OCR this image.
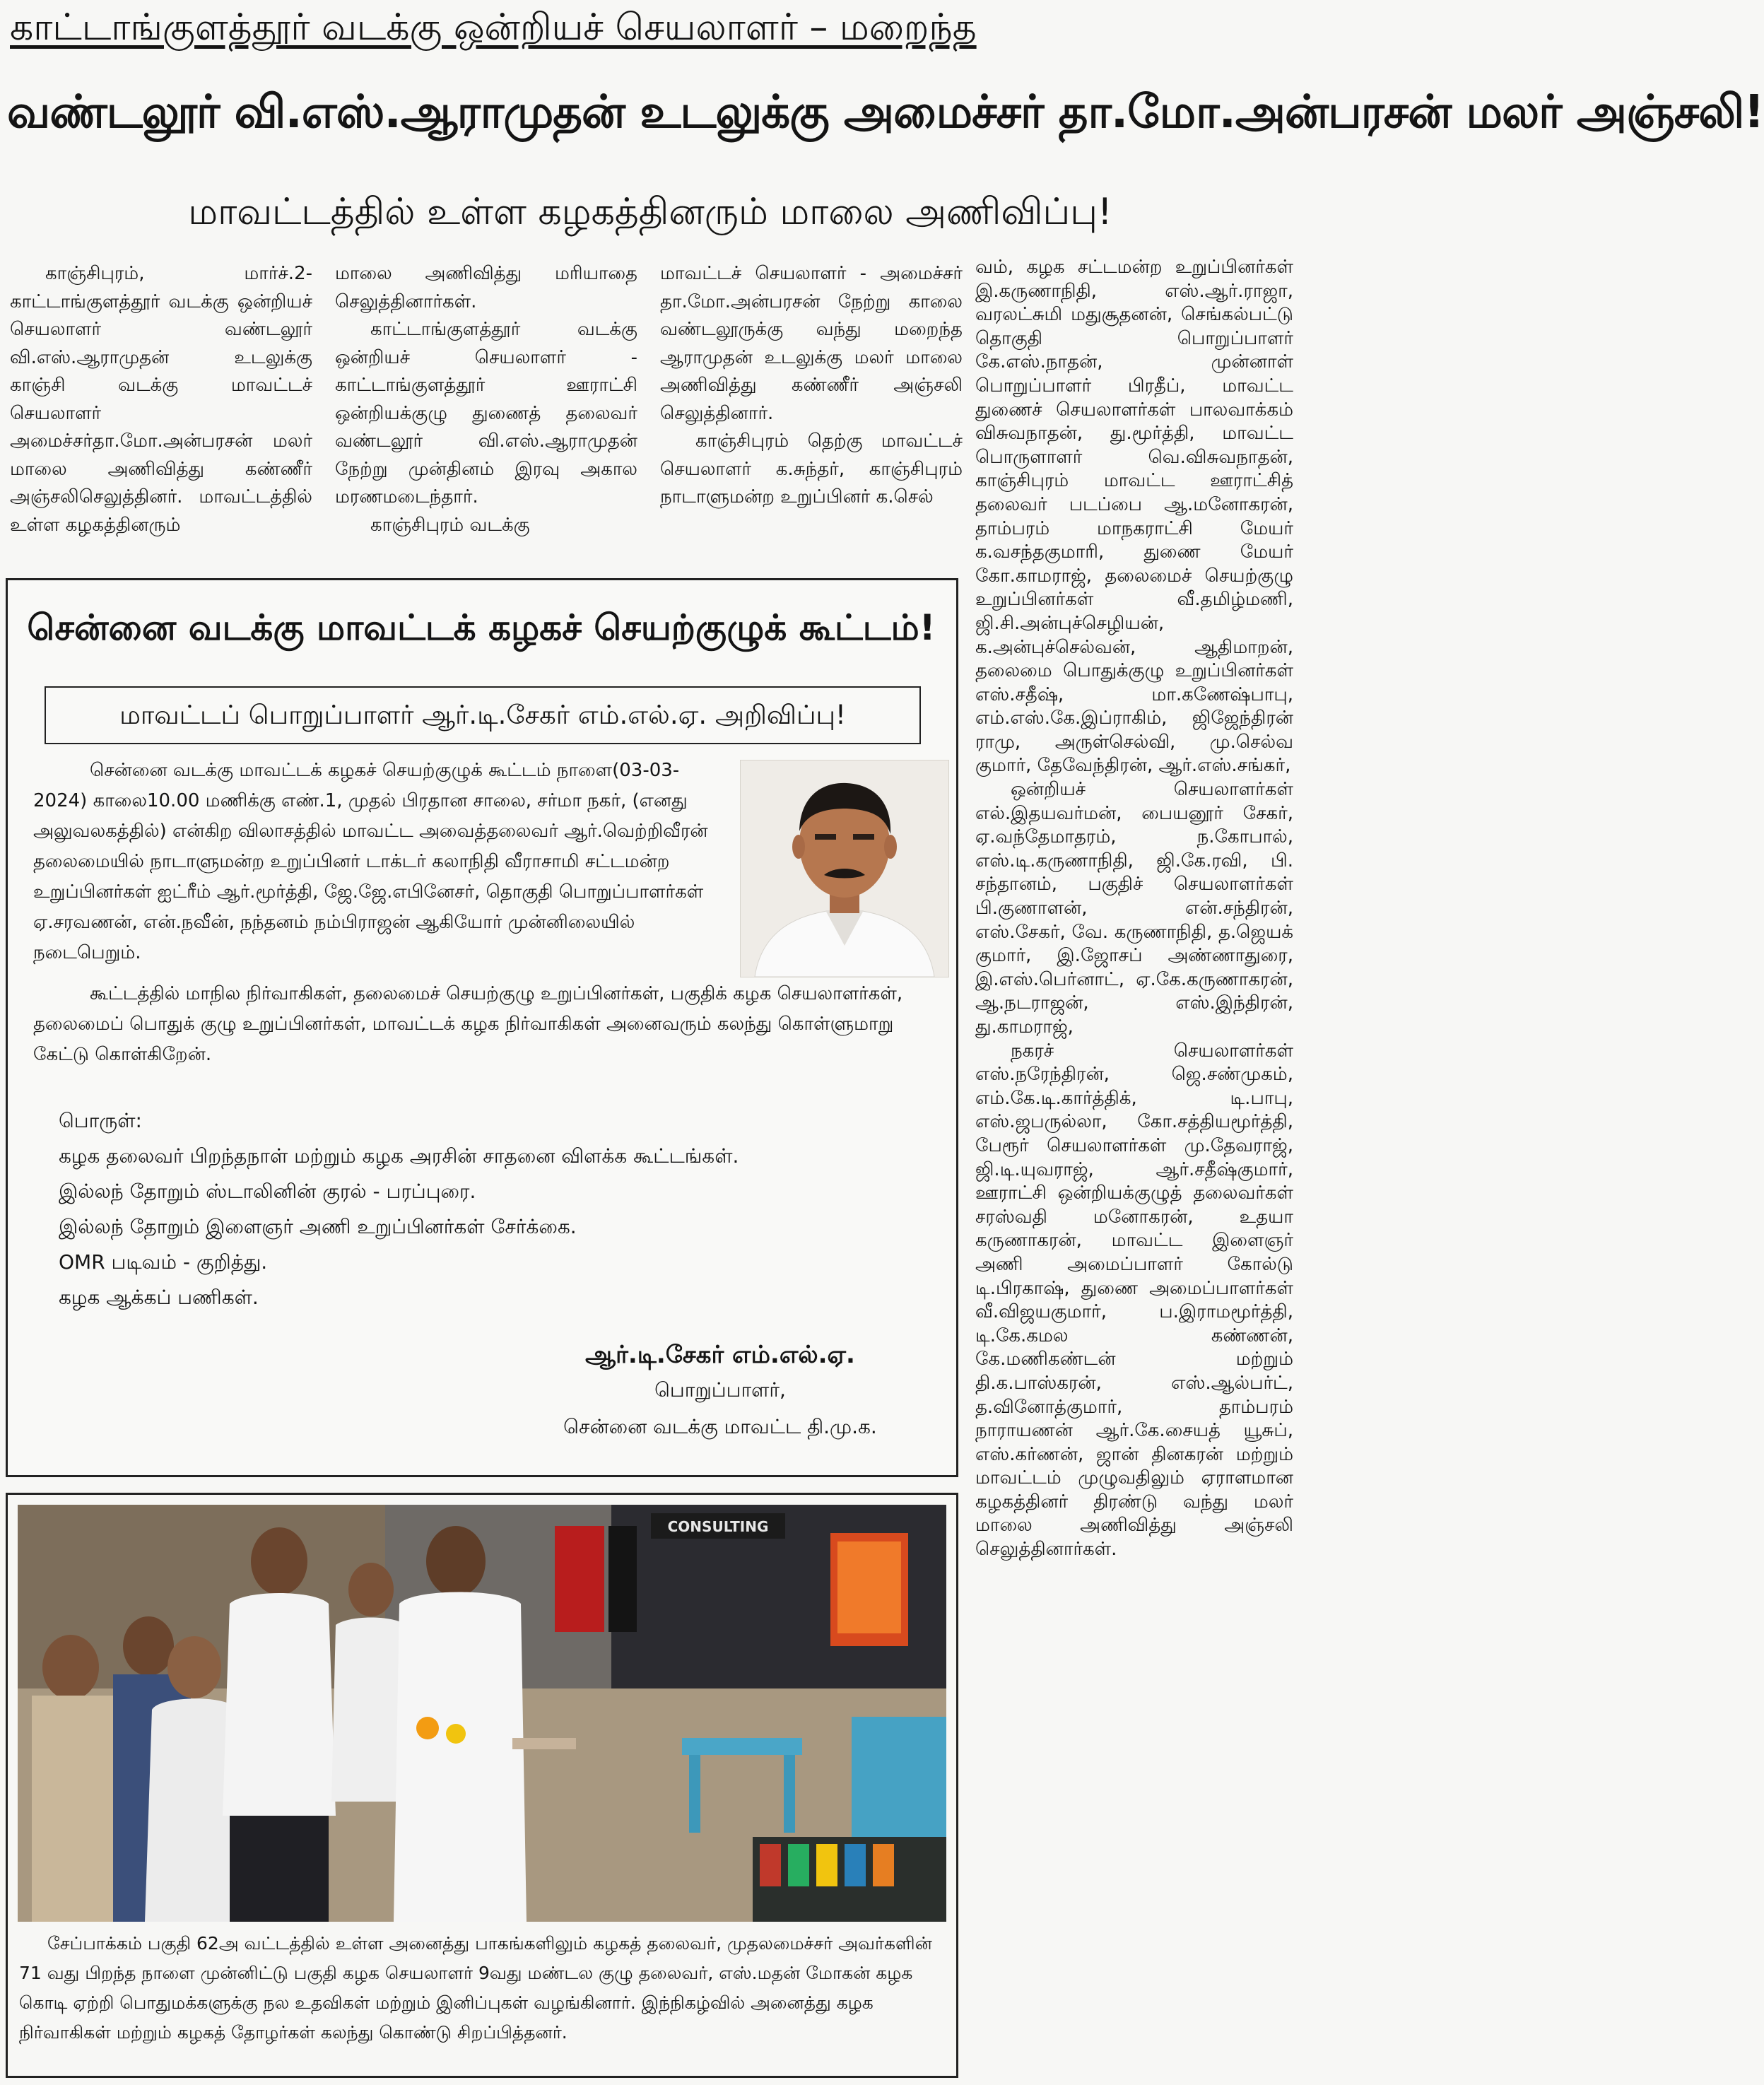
காட்டாங்குளத்தூர் வடக்கு ஒன்றியச் செயலாளர் – மறைந்த
வண்டலூர் வி.எஸ்.ஆராமுதன் உடலுக்கு அமைச்சர் தா.மோ.அன்பரசன் மலர் அஞ்சலி!
மாவட்டத்தில் உள்ள கழகத்தினரும் மாலை அணிவிப்பு!

காஞ்சிபுரம், மார்ச்.2- காட்டாங்குளத்தூர் வடக்கு ஒன்றியச் செயலாளர் வண்டலூர் வி.எஸ்.ஆராமுதன் உடலுக்கு காஞ்சி வடக்கு மாவட்டச் செயலாளர் அமைச்சர்தா.மோ.அன்பரசன் மலர் மாலை அணிவித்து கண்ணீர் அஞ்சலிசெலுத்தினர். மாவட்டத்தில் உள்ள கழகத்தினரும்

மாலை அணிவித்து மரியாதை செலுத்தினார்கள்.

காட்டாங்குளத்தூர் வடக்கு ஒன்றியச் செயலாளர் - காட்டாங்குளத்தூர் ஊராட்சி ஒன்றியக்குழு துணைத் தலைவர் வண்டலூர் வி.எஸ்.ஆராமுதன் நேற்று முன்தினம் இரவு அகால மரணமடைந்தார்.

காஞ்சிபுரம் வடக்கு

மாவட்டச் செயலாளர் - அமைச்சர் தா.மோ.அன்பரசன் நேற்று காலை வண்டலூருக்கு வந்து மறைந்த ஆராமுதன் உடலுக்கு மலர் மாலை அணிவித்து கண்ணீர் அஞ்சலி செலுத்தினார்.

காஞ்சிபுரம் தெற்கு மாவட்டச் செயலாளர் க.சுந்தர், காஞ்சிபுரம் நாடாளுமன்ற உறுப்பினர் க.செல்

வம், கழக சட்டமன்ற உறுப்பினர்கள் இ.கருணாநிதி, எஸ்.ஆர்.ராஜா, வரலட்சுமி மதுசூதனன், செங்கல்பட்டு தொகுதி பொறுப்பாளர் கே.எஸ்.நாதன், முன்னாள் பொறுப்பாளர் பிரதீப், மாவட்ட துணைச் செயலாளர்கள் பாலவாக்கம் விசுவநாதன், து.மூர்த்தி, மாவட்ட பொருளாளர் வெ.விசுவநாதன், காஞ்சிபுரம் மாவட்ட ஊராட்சித் தலைவர் படப்பை ஆ.மனோகரன், தாம்பரம் மாநகராட்சி மேயர் க.வசந்தகுமாரி, துணை மேயர் கோ.காமராஜ், தலைமைச் செயற்குழு உறுப்பினர்கள் வீ.தமிழ்மணி, ஜி.சி.அன்புச்செழியன், க.அன்புச்செல்வன், ஆதிமாறன், தலைமை பொதுக்குழு உறுப்பினர்கள் எஸ்.சதீஷ், மா.கணேஷ்பாபு, எம்.எஸ்.கே.இப்ராகிம், ஜிஜேந்திரன் ராமு, அருள்செல்வி, மு.செல்வ குமார், தேவேந்திரன், ஆர்.எஸ்.சங்கர்,

ஒன்றியச் செயலாளர்கள் எல்.இதயவர்மன், பையனூர் சேகர், ஏ.வந்தேமாதரம், ந.கோபால், எஸ்.டி.கருணாநிதி, ஜி.கே.ரவி, பி. சந்தானம், பகுதிச் செயலாளர்கள் பி.குணாளன், என்.சந்திரன், எஸ்.சேகர், வே. கருணாநிதி, த.ஜெயக் குமார், இ.ஜோசப் அண்ணாதுரை, இ.எஸ்.பெர்னாட், ஏ.கே.கருணாகரன், ஆ.நடராஜன், எஸ்.இந்திரன், து.காமராஜ்,

நகரச் செயலாளர்கள் எஸ்.நரேந்திரன், ஜெ.சண்முகம், எம்.கே.டி.கார்த்திக், டி.பாபு, எஸ்.ஜபருல்லா, கோ.சத்தியமூர்த்தி, பேரூர் செயலாளர்கள் மு.தேவராஜ், ஜி.டி.யுவராஜ், ஆர்.சதீஷ்குமார், ஊராட்சி ஒன்றியக்குழுத் தலைவர்கள் சரஸ்வதி மனோகரன், உதயா கருணாகரன், மாவட்ட இளைஞர் அணி அமைப்பாளர் கோல்டு டி.பிரகாஷ், துணை அமைப்பாளர்கள் வீ.விஜயகுமார், ப.இராமமூர்த்தி, டி.கே.கமல கண்ணன், கே.மணிகண்டன் மற்றும் தி.க.பாஸ்கரன், எஸ்.ஆல்பர்ட், த.வினோத்குமார், தாம்பரம் நாராயணன் ஆர்.கே.சையத் யூசுப், எஸ்.கர்ணன், ஜான் தினகரன் மற்றும் மாவட்டம் முழுவதிலும் ஏராளமான கழகத்தினர் திரண்டு வந்து மலர் மாலை அணிவித்து அஞ்சலி செலுத்தினார்கள்.

சென்னை வடக்கு மாவட்டக் கழகச் செயற்குழுக் கூட்டம்!
மாவட்டப் பொறுப்பாளர் ஆர்.டி.சேகர் எம்.எல்.ஏ. அறிவிப்பு!

சென்னை வடக்கு மாவட்டக் கழகச் செயற்குழுக் கூட்டம் நாளை(03-03-2024) காலை10.00 மணிக்கு எண்.1, முதல் பிரதான சாலை, சர்மா நகர், (எனது அலுவலகத்தில்) என்கிற விலாசத்தில் மாவட்ட அவைத்தலைவர் ஆர்.வெற்றிவீரன் தலைமையில் நாடாளுமன்ற உறுப்பினர் டாக்டர் கலாநிதி வீராசாமி சட்டமன்ற உறுப்பினர்கள் ஐட்ரீம் ஆர்.மூர்த்தி, ஜே.ஜே.எபினேசர், தொகுதி பொறுப்பாளர்கள் ஏ.சரவணன், என்.நவீன், நந்தனம் நம்பிராஜன் ஆகியோர் முன்னிலையில் நடைபெறும்.

கூட்டத்தில் மாநில நிர்வாகிகள், தலைமைச் செயற்குழு உறுப்பினர்கள், பகுதிக் கழக செயலாளர்கள், தலைமைப் பொதுக் குழு உறுப்பினர்கள், மாவட்டக் கழக நிர்வாகிகள் அனைவரும் கலந்து கொள்ளுமாறு கேட்டு கொள்கிறேன்.

பொருள்:
கழக தலைவர் பிறந்தநாள் மற்றும் கழக அரசின் சாதனை விளக்க கூட்டங்கள்.
இல்லந் தோறும் ஸ்டாலினின் குரல் - பரப்புரை.
இல்லந் தோறும் இளைஞர் அணி உறுப்பினர்கள் சேர்க்கை.
OMR படிவம் - குறித்து.
கழக ஆக்கப் பணிகள்.
ஆர்.டி.சேகர் எம்.எல்.ஏ.
பொறுப்பாளர்,
சென்னை வடக்கு மாவட்ட தி.மு.க.
CONSULTING

சேப்பாக்கம் பகுதி 62அ வட்டத்தில் உள்ள அனைத்து பாகங்களிலும் கழகத் தலைவர், முதலமைச்சர் அவர்களின் 71 வது பிறந்த நாளை முன்னிட்டு பகுதி கழக செயலாளர் 9வது மண்டல குழு தலைவர், எஸ்.மதன் மோகன் கழக கொடி ஏற்றி பொதுமக்களுக்கு நல உதவிகள் மற்றும் இனிப்புகள் வழங்கினார். இந்நிகழ்வில் அனைத்து கழக நிர்வாகிகள் மற்றும் கழகத் தோழர்கள் கலந்து கொண்டு சிறப்பித்தனர்.
